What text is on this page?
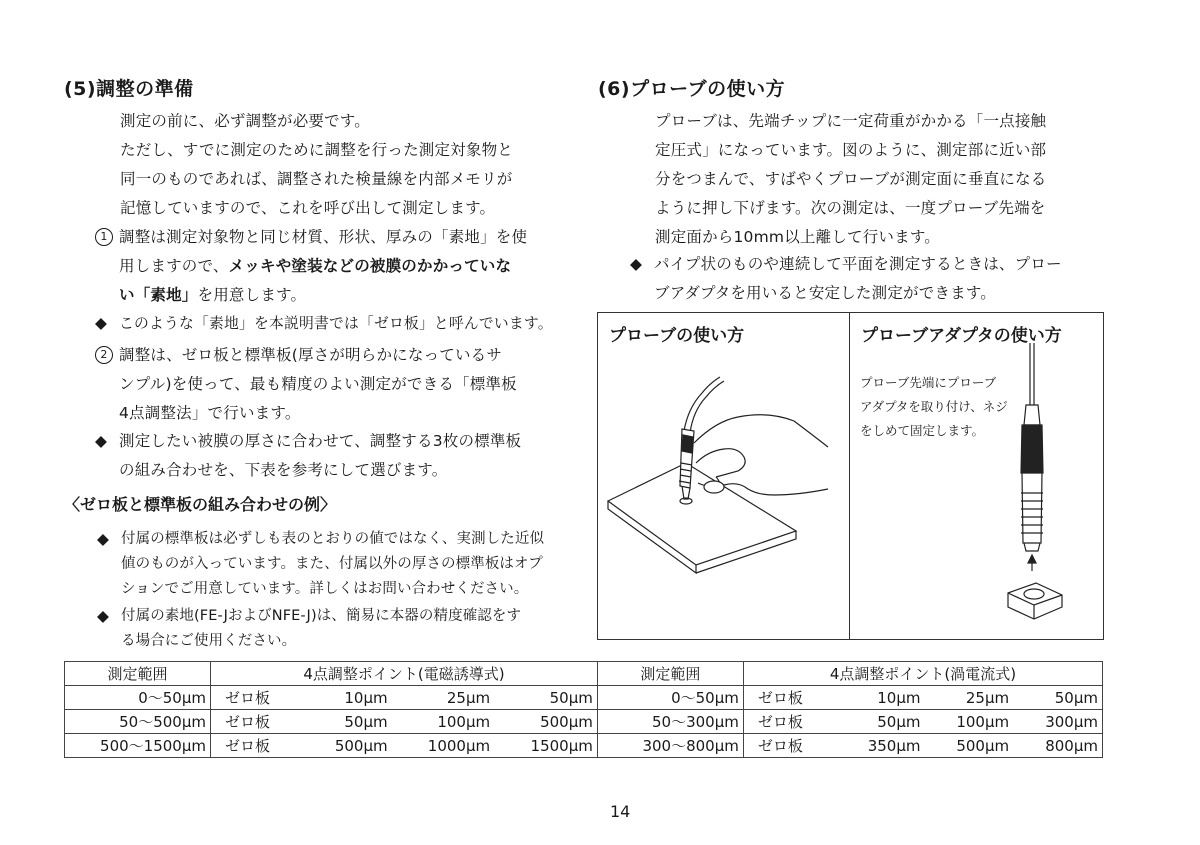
(5)調整の準備
測定の前に、必ず調整が必要です。
ただし、すでに測定のために調整を行った測定対象物と
同一のものであれば、調整された検量線を内部メモリが
記憶していますので、これを呼び出して測定します。
1 調整は測定対象物と同じ材質、形状、厚みの「素地」を使
用しますので、メッキや塗装などの被膜のかかっていな
い「素地」を用意します。
◆ このような「素地」を本説明書では「ゼロ板」と呼んでいます。
2 調整は、ゼロ板と標準板(厚さが明らかになっているサ
ンプル)を使って、最も精度のよい測定ができる「標準板
4点調整法」で行います。
◆ 測定したい被膜の厚さに合わせて、調整する3枚の標準板
の組み合わせを、下表を参考にして選びます。
〈ゼロ板と標準板の組み合わせの例〉
◆ 付属の標準板は必ずしも表のとおりの値ではなく、実測した近似
値のものが入っています。また、付属以外の厚さの標準板はオプ
ションでご用意しています。詳しくはお問い合わせください。
◆ 付属の素地(FE-JおよびNFE-J)は、簡易に本器の精度確認をす
る場合にご使用ください。
(6)プローブの使い方
プローブは、先端チップに一定荷重がかかる「一点接触
定圧式」になっています。図のように、測定部に近い部
分をつまんで、すばやくプローブが測定面に垂直になる
ように押し下げます。次の測定は、一度プローブ先端を
測定面から10mm以上離して行います。
◆ パイプ状のものや連続して平面を測定するときは、プロー
ブアダプタを用いると安定した測定ができます。
プローブの使い方	プローブアダプタの使い方
プローブ先端にプローブ
アダプタを取り付け、ネジ
をしめて固定します。
測定範囲	4点調整ポイント(電磁誘導式)				測定範囲	4点調整ポイント(渦電流式)			
0〜50μm	ゼロ板	10μm	25μm	50μm	0〜50μm	ゼロ板	10μm	25μm	50μm
50〜500μm	ゼロ板	50μm	100μm	500μm	50〜300μm	ゼロ板	50μm	100μm	300μm
500〜1500μm	ゼロ板	500μm	1000μm	1500μm	300〜800μm	ゼロ板	350μm	500μm	800μm
14
